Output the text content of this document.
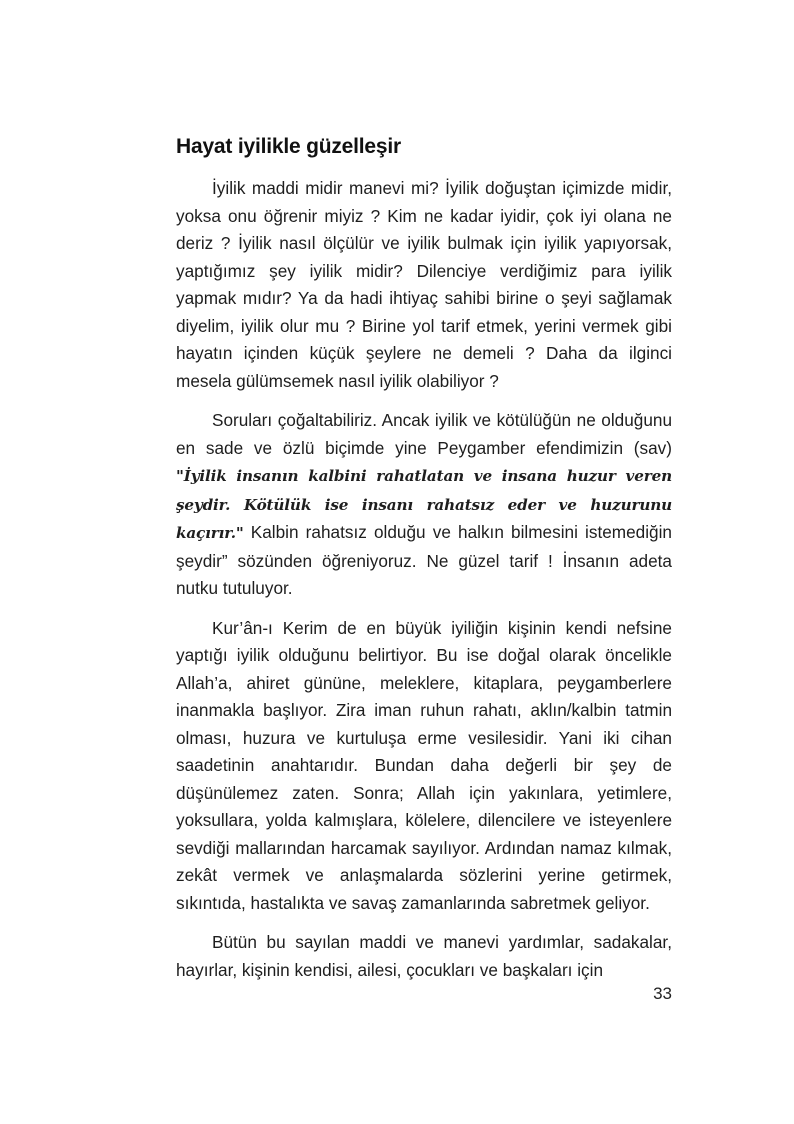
Hayat iyilikle güzelleşir

İyilik maddi midir manevi mi? İyilik doğuştan içimizde midir, yoksa onu öğrenir miyiz ? Kim ne kadar iyidir, çok iyi olana ne deriz ? İyilik nasıl ölçülür ve iyilik bulmak için iyilik yapıyorsak, yaptığımız şey iyilik midir? Dilenciye verdiğimiz para iyilik yapmak mıdır? Ya da hadi ihtiyaç sahibi birine o şeyi sağlamak diyelim, iyilik olur mu ? Birine yol tarif etmek, yerini vermek gibi hayatın içinden küçük şeylere ne demeli ? Daha da ilginci mesela gülümsemek nasıl iyilik olabiliyor ?

Soruları çoğaltabiliriz. Ancak iyilik ve kötülüğün ne olduğunu en sade ve özlü biçimde yine Peygamber efendimizin (sav) "İyilik insanın kalbini rahatlatan ve insana huzur veren şeydir. Kötülük ise insanı rahatsız eder ve huzurunu kaçırır." Kalbin rahatsız olduğu ve halkın bilmesini istemediğin şeydir” sözünden öğreniyoruz. Ne güzel tarif ! İnsanın adeta nutku tutuluyor.

Kur’ân-ı Kerim de en büyük iyiliğin kişinin kendi nefsine yaptığı iyilik olduğunu belirtiyor. Bu ise doğal olarak öncelikle Allah’a, ahiret gününe, meleklere, kitaplara, peygamberlere inanmakla başlıyor. Zira iman ruhun rahatı, aklın/kalbin tatmin olması, huzura ve kurtuluşa erme vesilesidir. Yani iki cihan saadetinin anahtarıdır. Bundan daha değerli bir şey de düşünülemez zaten. Sonra; Allah için yakınlara, yetimlere, yoksullara, yolda kalmışlara, kölelere, dilencilere ve isteyenlere sevdiği mallarından harcamak sayılıyor. Ardından namaz kılmak, zekât vermek ve anlaşmalarda sözlerini yerine getirmek, sıkıntıda, hastalıkta ve savaş zamanlarında sabretmek geliyor.

Bütün bu sayılan maddi ve manevi yardımlar, sadakalar, hayırlar, kişinin kendisi, ailesi, çocukları ve başkaları için

33
